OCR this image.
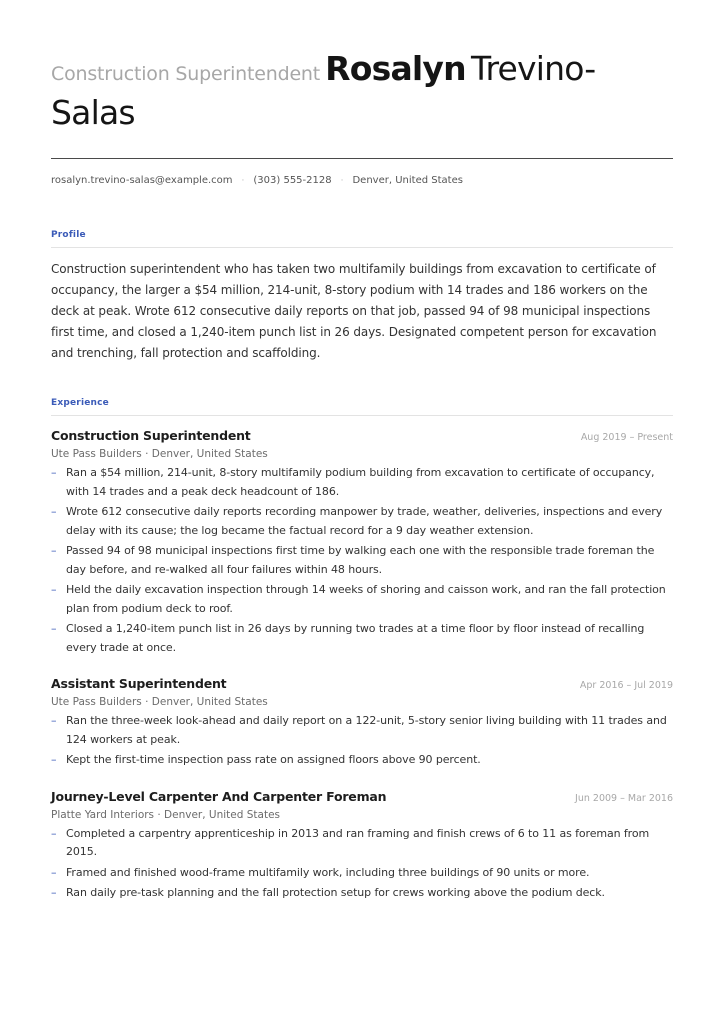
Construction Superintendent Rosalyn Trevino-Salas
rosalyn.trevino-salas@example.com · (303) 555-2128 · Denver, United States
Profile
Construction superintendent who has taken two multifamily buildings from excavation to certificate of occupancy, the larger a $54 million, 214-unit, 8-story podium with 14 trades and 186 workers on the deck at peak. Wrote 612 consecutive daily reports on that job, passed 94 of 98 municipal inspections first time, and closed a 1,240-item punch list in 26 days. Designated competent person for excavation and trenching, fall protection and scaffolding.
Experience
Construction Superintendent	Aug 2019 – Present
Ute Pass Builders · Denver, United States
– Ran a $54 million, 214-unit, 8-story multifamily podium building from excavation to certificate of occupancy, with 14 trades and a peak deck headcount of 186.
– Wrote 612 consecutive daily reports recording manpower by trade, weather, deliveries, inspections and every delay with its cause; the log became the factual record for a 9 day weather extension.
– Passed 94 of 98 municipal inspections first time by walking each one with the responsible trade foreman the day before, and re-walked all four failures within 48 hours.
– Held the daily excavation inspection through 14 weeks of shoring and caisson work, and ran the fall protection plan from podium deck to roof.
– Closed a 1,240-item punch list in 26 days by running two trades at a time floor by floor instead of recalling every trade at once.
Assistant Superintendent	Apr 2016 – Jul 2019
Ute Pass Builders · Denver, United States
– Ran the three-week look-ahead and daily report on a 122-unit, 5-story senior living building with 11 trades and 124 workers at peak.
– Kept the first-time inspection pass rate on assigned floors above 90 percent.
Journey-Level Carpenter And Carpenter Foreman	Jun 2009 – Mar 2016
Platte Yard Interiors · Denver, United States
– Completed a carpentry apprenticeship in 2013 and ran framing and finish crews of 6 to 11 as foreman from 2015.
– Framed and finished wood-frame multifamily work, including three buildings of 90 units or more.
– Ran daily pre-task planning and the fall protection setup for crews working above the podium deck.
